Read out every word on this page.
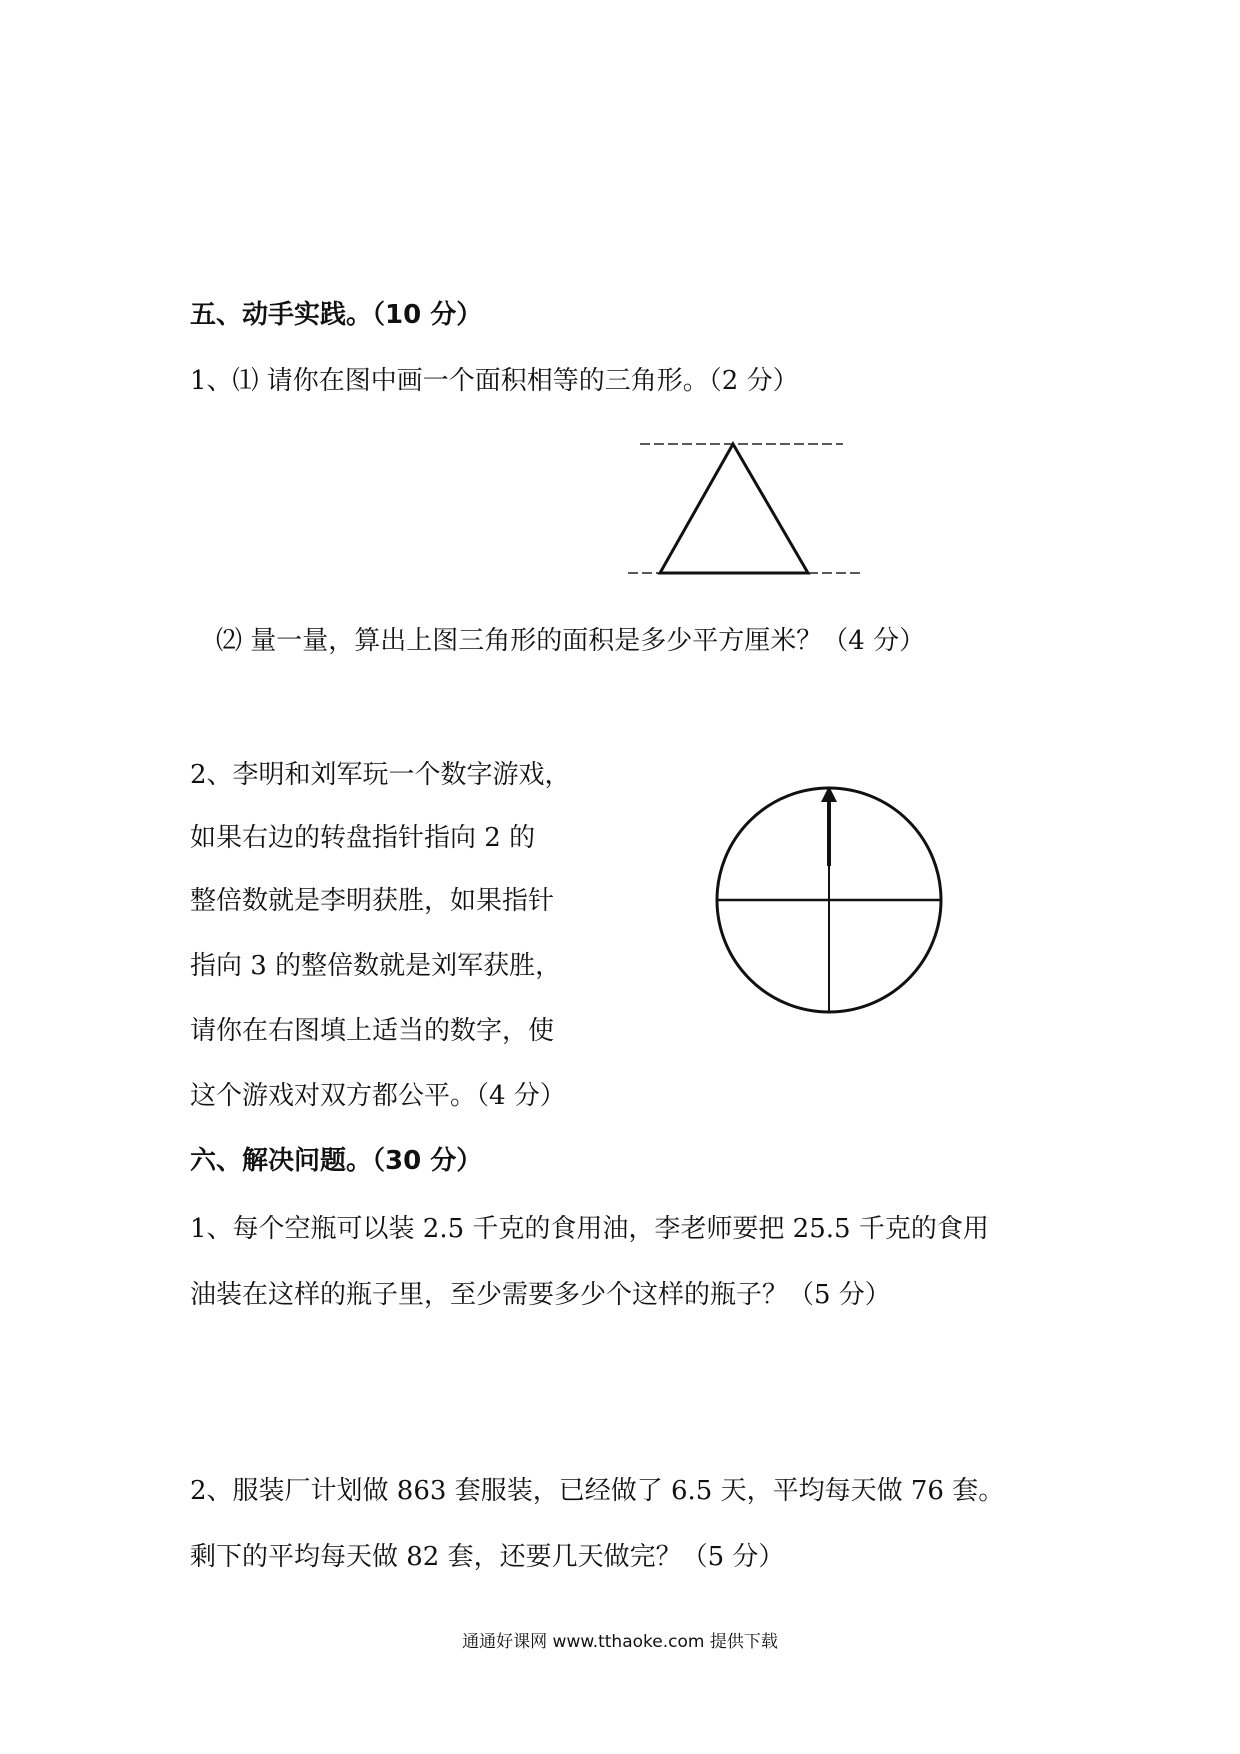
五、动手实践。（10 分）
1、⑴ 请你在图中画一个面积相等的三角形。（2 分）
⑵ 量一量，算出上图三角形的面积是多少平方厘米？（4 分）
2、李明和刘军玩一个数字游戏，
如果右边的转盘指针指向 2 的
整倍数就是李明获胜，如果指针
指向 3 的整倍数就是刘军获胜，
请你在右图填上适当的数字，使
这个游戏对双方都公平。（4 分）
六、解决问题。（30 分）
1、每个空瓶可以装 2.5 千克的食用油，李老师要把 25.5 千克的食用
油装在这样的瓶子里，至少需要多少个这样的瓶子？（5 分）
2、服装厂计划做 863 套服装，已经做了 6.5 天，平均每天做 76 套。
剩下的平均每天做 82 套，还要几天做完？（5 分）
通通好课网 www.tthaoke.com 提供下载
